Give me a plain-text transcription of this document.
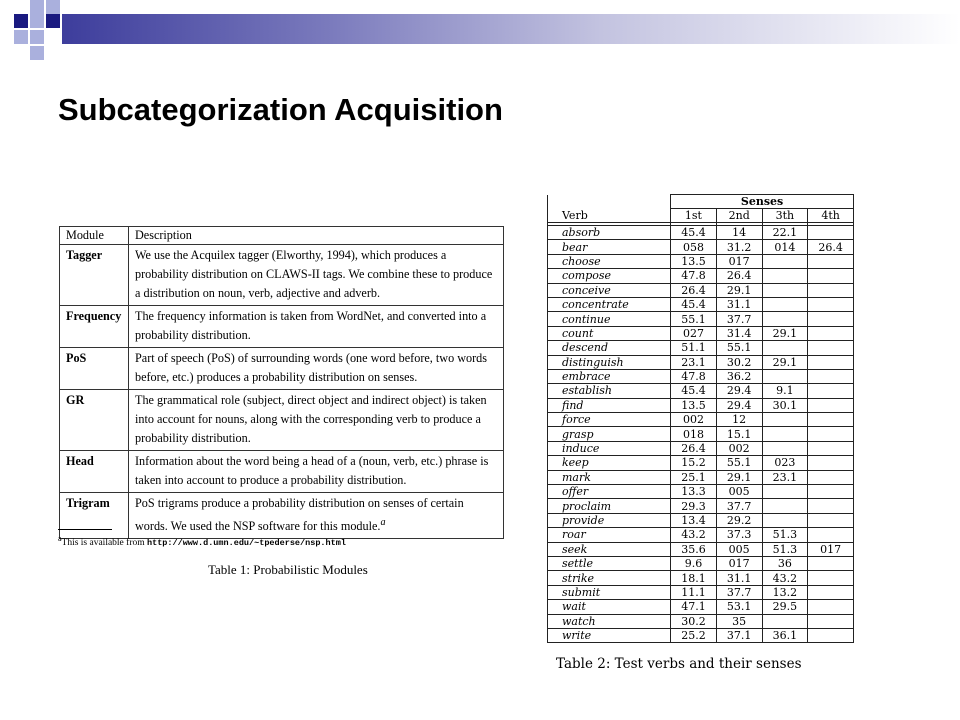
Subcategorization Acquisition
Module	Description
Tagger	We use the Acquilex tagger (Elworthy, 1994), which produces a probability distribution on CLAWS-II tags. We combine these to produce a distribution on noun, verb, adjective and adverb.
Frequency	The frequency information is taken from WordNet, and converted into a probability distribution.
PoS	Part of speech (PoS) of surrounding words (one word before, two words before, etc.) produces a probability distribution on senses.
GR	The grammatical role (subject, direct object and indirect object) is taken into account for nouns, along with the corresponding verb to produce a probability distribution.
Head	Information about the word being a head of a (noun, verb, etc.) phrase is taken into account to produce a probability distribution.
Trigram	PoS trigrams produce a probability distribution on senses of certain words. We used the NSP software for this module.$^a$
$^a$This is available from http://www.d.umn.edu/~tpederse/nsp.html
Table 1: Probabilistic Modules
	Senses			
Verb	1st	2nd	3th	4th

absorb	45.4	14	22.1	
bear	058	31.2	014	26.4
choose	13.5	017		
compose	47.8	26.4		
conceive	26.4	29.1		
concentrate	45.4	31.1		
continue	55.1	37.7		
count	027	31.4	29.1	
descend	51.1	55.1		
distinguish	23.1	30.2	29.1	
embrace	47.8	36.2		
establish	45.4	29.4	9.1	
find	13.5	29.4	30.1	
force	002	12		
grasp	018	15.1		
induce	26.4	002		
keep	15.2	55.1	023	
mark	25.1	29.1	23.1	
offer	13.3	005		
proclaim	29.3	37.7		
provide	13.4	29.2		
roar	43.2	37.3	51.3	
seek	35.6	005	51.3	017
settle	9.6	017	36	
strike	18.1	31.1	43.2	
submit	11.1	37.7	13.2	
wait	47.1	53.1	29.5	
watch	30.2	35		
write	25.2	37.1	36.1	
Table 2: Test verbs and their senses
